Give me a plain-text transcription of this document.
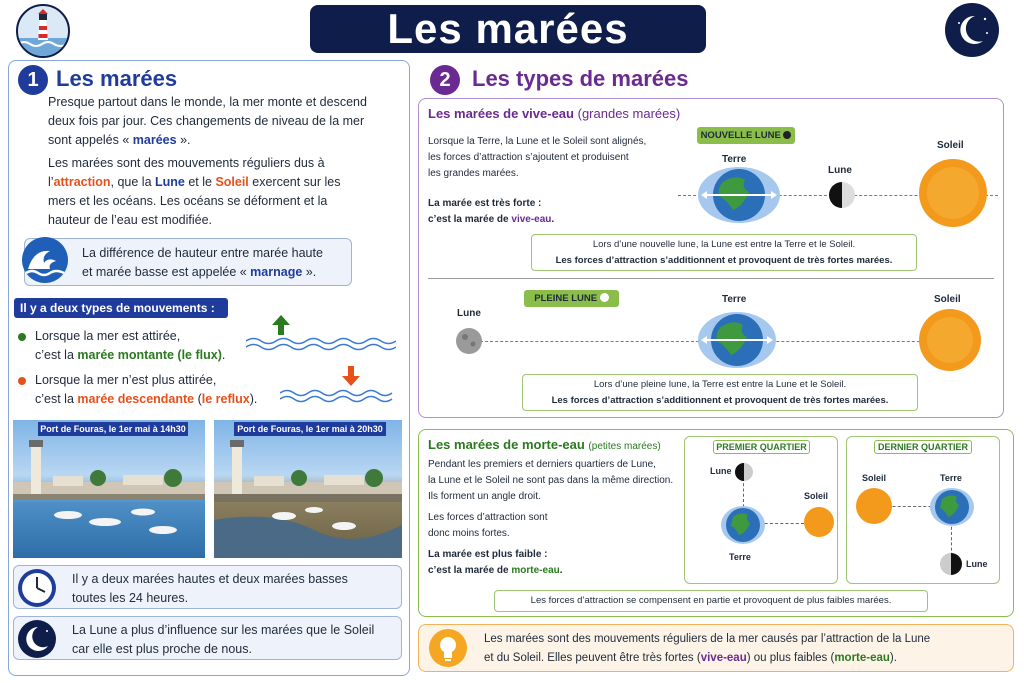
Les marées
1 Les marées
Presque partout dans le monde, la mer monte et descend
deux fois par jour. Ces changements de niveau de la mer
sont appelés « marées ».
Les marées sont des mouvements réguliers dus à
l’attraction, que la Lune et le Soleil exercent sur les
mers et les océans. Les océans se déforment et la
hauteur de l’eau est modifiée.
La différence de hauteur entre marée haute
et marée basse est appelée « marnage ».
Il y a deux types de mouvements :
Lorsque la mer est attirée,
c’est la marée montante (le flux).
Lorsque la mer n’est plus attirée,
c’est la marée descendante (le reflux).
Port de Fouras, le 1er mai à 14h30	Port de Fouras, le 1er mai à 20h30
Il y a deux marées hautes et deux marées basses
toutes les 24 heures.
La Lune a plus d’influence sur les marées que le Soleil
car elle est plus proche de nous.
2 Les types de marées
Les marées de vive-eau (grandes marées)
Lorsque la Terre, la Lune et le Soleil sont alignés,
les forces d’attraction s’ajoutent et produisent
les grandes marées.
La marée est très forte :
c’est la marée de vive-eau.
NOUVELLE LUNE
Terre
Lune
Soleil
Lors d’une nouvelle lune, la Lune est entre la Terre et le Soleil.
Les forces d’attraction s’additionnent et provoquent de très fortes marées.
PLEINE LUNE
Lune
Terre	Soleil
Lors d’une pleine lune, la Terre est entre la Lune et le Soleil.
Les forces d’attraction s’additionnent et provoquent de très fortes marées.
Les marées de morte-eau (petites marées)
Pendant les premiers et derniers quartiers de Lune,
la Lune et le Soleil ne sont pas dans la même direction.
Ils forment un angle droit.
Les forces d’attraction sont
donc moins fortes.
La marée est plus faible :
c’est la marée de morte-eau.
PREMIER QUARTIER
Lune
Terre
Soleil
DERNIER QUARTIER
Soleil	Terre
Lune
Les forces d’attraction se compensent en partie et provoquent de plus faibles marées.
Les marées sont des mouvements réguliers de la mer causés par l’attraction de la Lune
et du Soleil. Elles peuvent être très fortes (vive-eau) ou plus faibles (morte-eau).
